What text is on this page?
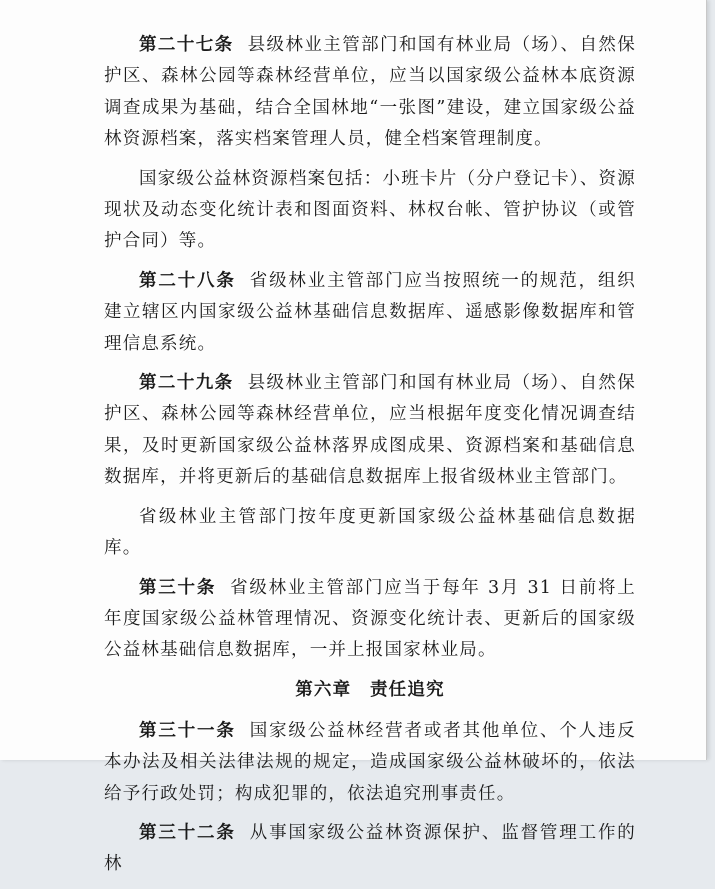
第二十七条 县级林业主管部门和国有林业局（场）、自然保护区、森林公园等森林经营单位，应当以国家级公益林本底资源调查成果为基础，结合全国林地“一张图”建设，建立国家级公益林资源档案，落实档案管理人员，健全档案管理制度。

国家级公益林资源档案包括：小班卡片（分户登记卡）、资源现状及动态变化统计表和图面资料、林权台帐、管护协议（或管护合同）等。

第二十八条 省级林业主管部门应当按照统一的规范，组织建立辖区内国家级公益林基础信息数据库、遥感影像数据库和管理信息系统。

第二十九条 县级林业主管部门和国有林业局（场）、自然保护区、森林公园等森林经营单位，应当根据年度变化情况调查结果，及时更新国家级公益林落界成图成果、资源档案和基础信息数据库，并将更新后的基础信息数据库上报省级林业主管部门。

省级林业主管部门按年度更新国家级公益林基础信息数据库。

第三十条 省级林业主管部门应当于每年 3月 31 日前将上年度国家级公益林管理情况、资源变化统计表、更新后的国家级公益林基础信息数据库，一并上报国家林业局。

第六章　责任追究

第三十一条 国家级公益林经营者或者其他单位、个人违反本办法及相关法律法规的规定，造成国家级公益林破坏的，依法给予行政处罚；构成犯罪的，依法追究刑事责任。

第三十二条 从事国家级公益林资源保护、监督管理工作的林
